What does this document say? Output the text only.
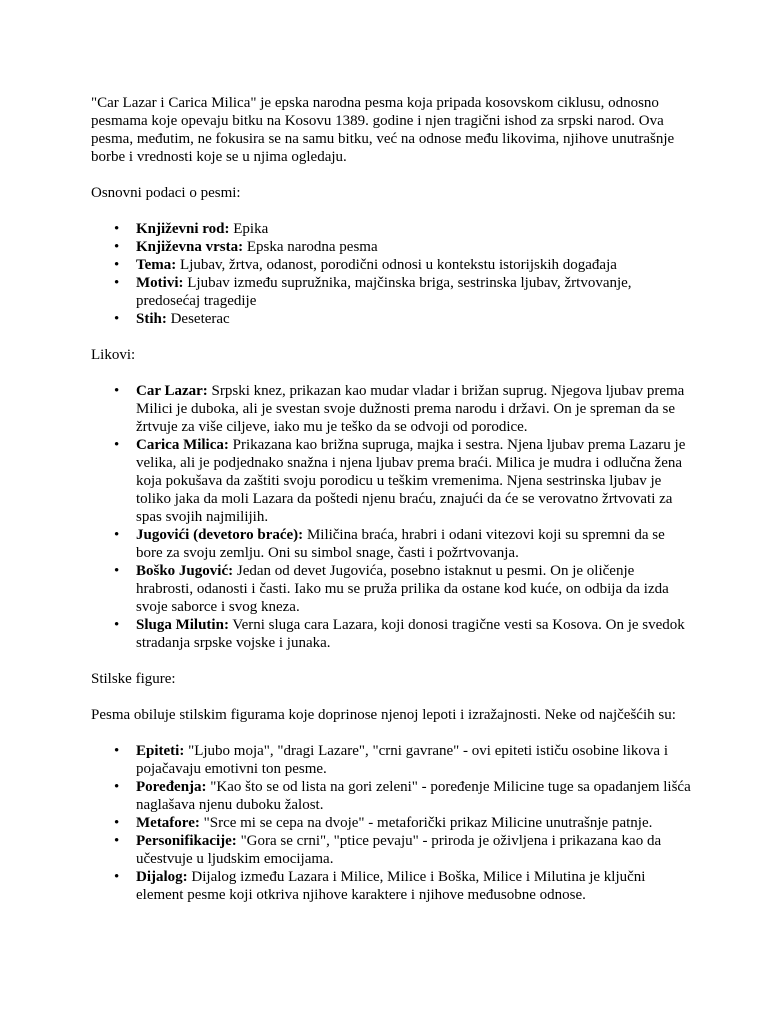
"Car Lazar i Carica Milica" je epska narodna pesma koja pripada kosovskom ciklusu, odnosno pesmama koje opevaju bitku na Kosovu 1389. godine i njen tragični ishod za srpski narod. Ova pesma, međutim, ne fokusira se na samu bitku, već na odnose među likovima, njihove unutrašnje borbe i vrednosti koje se u njima ogledaju.

Osnovni podaci o pesmi:

• Književni rod: Epika
• Književna vrsta: Epska narodna pesma
• Tema: Ljubav, žrtva, odanost, porodični odnosi u kontekstu istorijskih događaja
• Motivi: Ljubav između supružnika, majčinska briga, sestrinska ljubav, žrtvovanje, predosećaj tragedije
• Stih: Deseterac

Likovi:

• Car Lazar: Srpski knez, prikazan kao mudar vladar i brižan suprug. Njegova ljubav prema Milici je duboka, ali je svestan svoje dužnosti prema narodu i državi. On je spreman da se žrtvuje za više ciljeve, iako mu je teško da se odvoji od porodice.
• Carica Milica: Prikazana kao brižna supruga, majka i sestra. Njena ljubav prema Lazaru je velika, ali je podjednako snažna i njena ljubav prema braći. Milica je mudra i odlučna žena koja pokušava da zaštiti svoju porodicu u teškim vremenima. Njena sestrinska ljubav je toliko jaka da moli Lazara da poštedi njenu braću, znajući da će se verovatno žrtvovati za spas svojih najmilijih.
• Jugovići (devetoro braće): Miličina braća, hrabri i odani vitezovi koji su spremni da se bore za svoju zemlju. Oni su simbol snage, časti i požrtvovanja.
• Boško Jugović: Jedan od devet Jugovića, posebno istaknut u pesmi. On je oličenje hrabrosti, odanosti i časti. Iako mu se pruža prilika da ostane kod kuće, on odbija da izda svoje saborce i svog kneza.
• Sluga Milutin: Verni sluga cara Lazara, koji donosi tragične vesti sa Kosova. On je svedok stradanja srpske vojske i junaka.

Stilske figure:

Pesma obiluje stilskim figurama koje doprinose njenoj lepoti i izražajnosti. Neke od najčešćih su:

• Epiteti: "Ljubo moja", "dragi Lazare", "crni gavrane" - ovi epiteti ističu osobine likova i pojačavaju emotivni ton pesme.
• Poređenja: "Kao što se od lista na gori zeleni" - poređenje Milicine tuge sa opadanjem lišća naglašava njenu duboku žalost.
• Metafore: "Srce mi se cepa na dvoje" - metaforički prikaz Milicine unutrašnje patnje.
• Personifikacije: "Gora se crni", "ptice pevaju" - priroda je oživljena i prikazana kao da učestvuje u ljudskim emocijama.
• Dijalog: Dijalog između Lazara i Milice, Milice i Boška, Milice i Milutina je ključni element pesme koji otkriva njihove karaktere i njihove međusobne odnose.
